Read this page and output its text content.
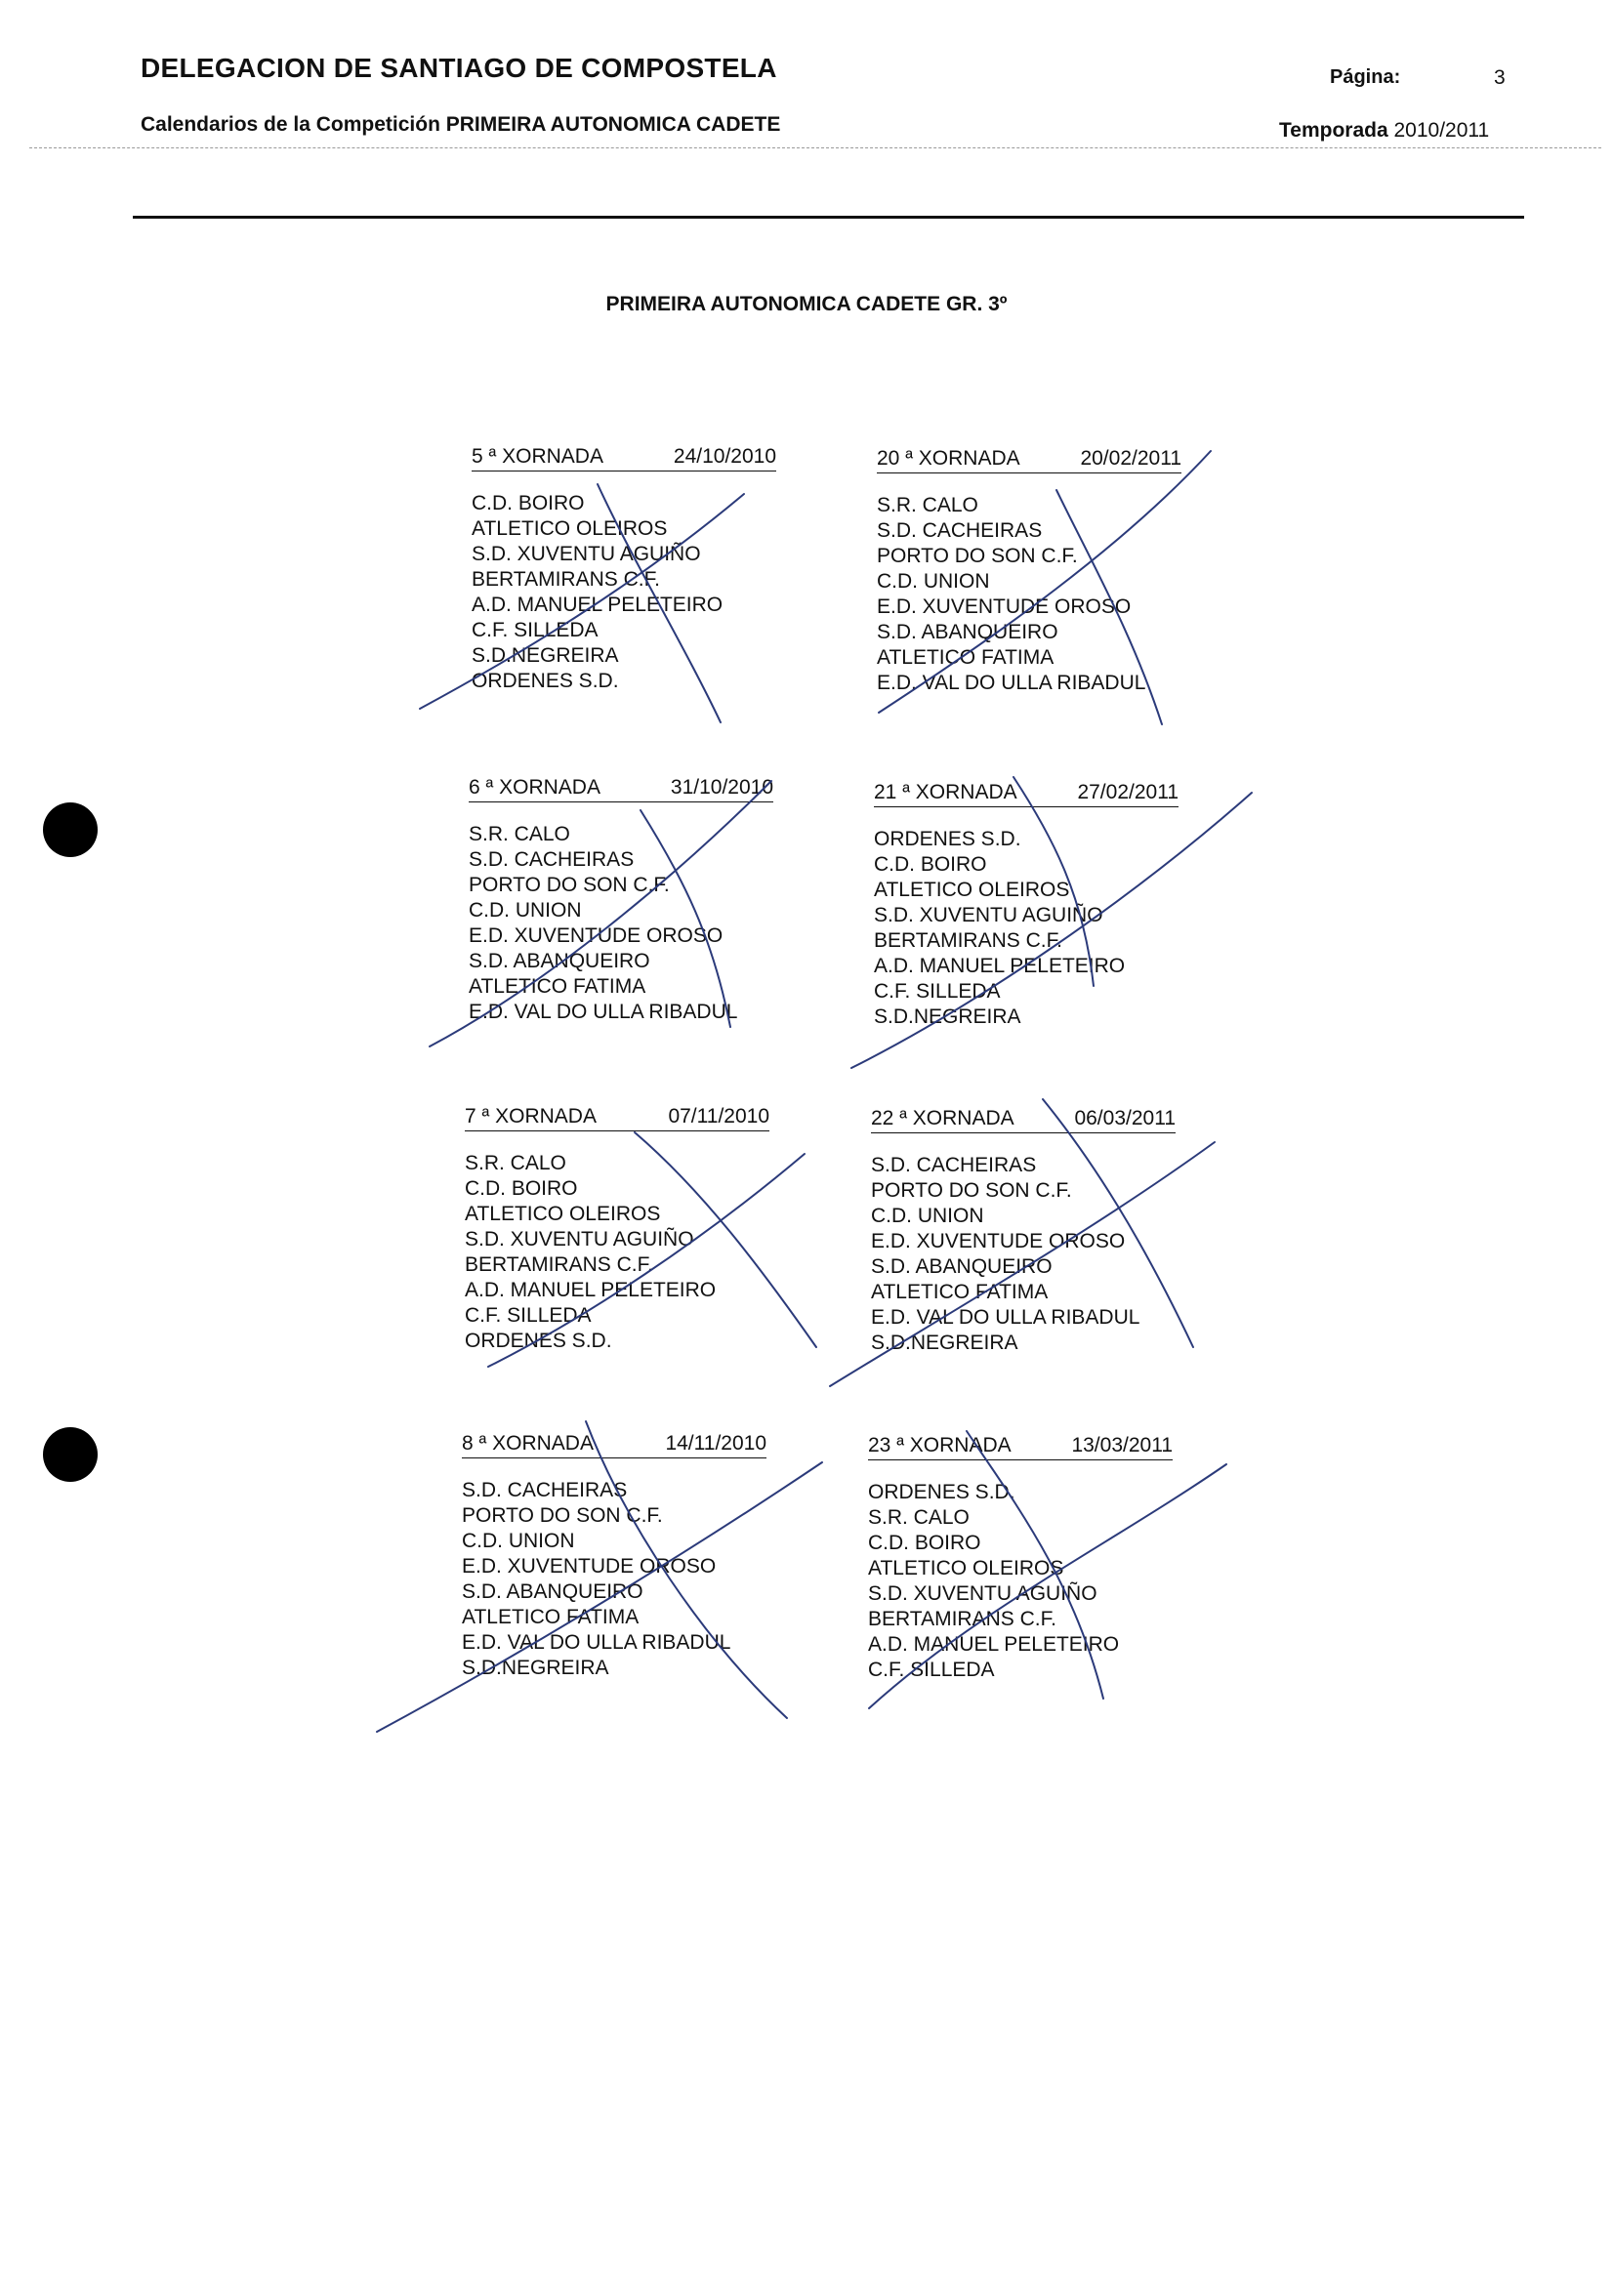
DELEGACION DE SANTIAGO DE COMPOSTELA
Calendarios de la Competición PRIMEIRA AUTONOMICA CADETE
Página:	3
Temporada 2010/2011
PRIMEIRA AUTONOMICA CADETE GR. 3º
5 ª XORNADA	24/10/2010
C.D. BOIRO
ATLETICO OLEIROS
S.D. XUVENTU AGUIÑO
BERTAMIRANS C.F.
A.D. MANUEL PELETEIRO
C.F. SILLEDA
S.D.NEGREIRA
ORDENES S.D.
20 ª XORNADA	20/02/2011
S.R. CALO
S.D. CACHEIRAS
PORTO DO SON C.F.
C.D. UNION
E.D. XUVENTUDE OROSO
S.D. ABANQUEIRO
ATLETICO FATIMA
E.D. VAL DO ULLA RIBADUL
6 ª XORNADA	31/10/2010
S.R. CALO
S.D. CACHEIRAS
PORTO DO SON C.F.
C.D. UNION
E.D. XUVENTUDE OROSO
S.D. ABANQUEIRO
ATLETICO FATIMA
E.D. VAL DO ULLA RIBADUL
21 ª XORNADA	27/02/2011
ORDENES S.D.
C.D. BOIRO
ATLETICO OLEIROS
S.D. XUVENTU AGUIÑO
BERTAMIRANS C.F.
A.D. MANUEL PELETEIRO
C.F. SILLEDA
S.D.NEGREIRA
7 ª XORNADA	07/11/2010
S.R. CALO
C.D. BOIRO
ATLETICO OLEIROS
S.D. XUVENTU AGUIÑO
BERTAMIRANS C.F.
A.D. MANUEL PELETEIRO
C.F. SILLEDA
ORDENES S.D.
22 ª XORNADA	06/03/2011
S.D. CACHEIRAS
PORTO DO SON C.F.
C.D. UNION
E.D. XUVENTUDE OROSO
S.D. ABANQUEIRO
ATLETICO FATIMA
E.D. VAL DO ULLA RIBADUL
S.D.NEGREIRA
8 ª XORNADA	14/11/2010
S.D. CACHEIRAS
PORTO DO SON C.F.
C.D. UNION
E.D. XUVENTUDE OROSO
S.D. ABANQUEIRO
ATLETICO FATIMA
E.D. VAL DO ULLA RIBADUL
S.D.NEGREIRA
23 ª XORNADA	13/03/2011
ORDENES S.D.
S.R. CALO
C.D. BOIRO
ATLETICO OLEIROS
S.D. XUVENTU AGUIÑO
BERTAMIRANS C.F.
A.D. MANUEL PELETEIRO
C.F. SILLEDA
